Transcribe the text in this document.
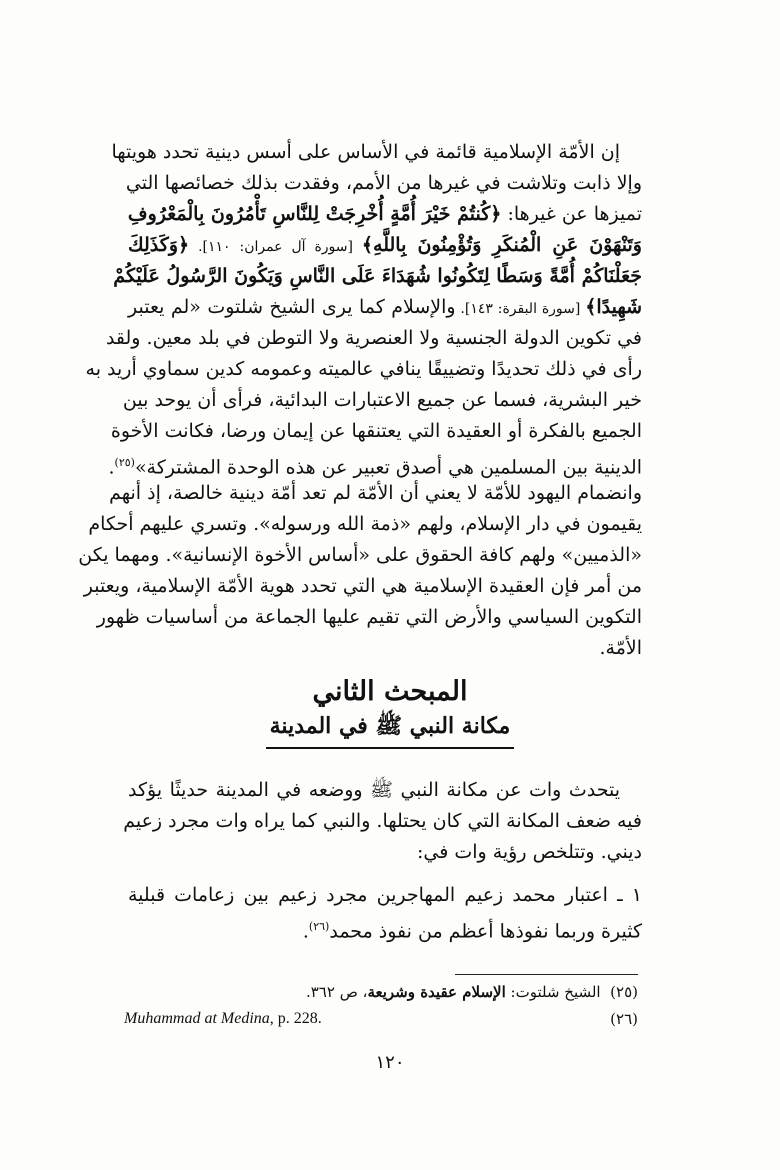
إن الأمّة الإسلامية قائمة في الأساس على أسس دينية تحدد هويتها
وإلا ذابت وتلاشت في غيرها من الأمم، وفقدت بذلك خصائصها التي
تميزها عن غيرها: ﴿كُنتُمْ خَيْرَ أُمَّةٍ أُخْرِجَتْ لِلنَّاسِ تَأْمُرُونَ بِالْمَعْرُوفِ
وَتَنْهَوْنَ عَنِ الْمُنكَرِ وَتُؤْمِنُونَ بِاللَّهِ﴾ [سورة آل عمران: ١١٠]. ﴿وَكَذَلِكَ
جَعَلْنَاكُمْ أُمَّةً وَسَطًا لِتَكُونُوا شُهَدَاءَ عَلَى النَّاسِ وَيَكُونَ الرَّسُولُ عَلَيْكُمْ
شَهِيدًا﴾ [سورة البقرة: ١٤٣]. والإسلام كما يرى الشيخ شلتوت «لم يعتبر
في تكوين الدولة الجنسية ولا العنصرية ولا التوطن في بلد معين. ولقد
رأى في ذلك تحديدًا وتضييقًا ينافي عالميته وعمومه كدين سماوي أريد به
خير البشرية، فسما عن جميع الاعتبارات البدائية، فرأى أن يوحد بين
الجميع بالفكرة أو العقيدة التي يعتنقها عن إيمان ورضا، فكانت الأخوة
الدينية بين المسلمين هي أصدق تعبير عن هذه الوحدة المشتركة»$^{(٢٥)}$.
وانضمام اليهود للأمّة لا يعني أن الأمّة لم تعد أمّة دينية خالصة، إذ أنهم
يقيمون في دار الإسلام، ولهم «ذمة الله ورسوله». وتسري عليهم أحكام
«الذميين» ولهم كافة الحقوق على «أساس الأخوة الإنسانية». ومهما يكن
من أمر فإن العقيدة الإسلامية هي التي تحدد هوية الأمّة الإسلامية، ويعتبر
التكوين السياسي والأرض التي تقيم عليها الجماعة من أساسيات ظهور
الأمّة.
المبحث الثاني
مكانة النبي ﷺ في المدينة
يتحدث وات عن مكانة النبي ﷺ ووضعه في المدينة حديثًا يؤكد
فيه ضعف المكانة التي كان يحتلها. والنبي كما يراه وات مجرد زعيم
ديني. وتتلخص رؤية وات في:
١ ـ اعتبار محمد زعيم المهاجرين مجرد زعيم بين زعامات قبلية
كثيرة وربما نفوذها أعظم من نفوذ محمد$^{(٢٦)}$.
(٢٥)  الشيخ شلتوت: الإسلام عقيدة وشريعة، ص ٣٦٢.
(٢٦)
Muhammad at Medina, p. 228.
١٢٠
